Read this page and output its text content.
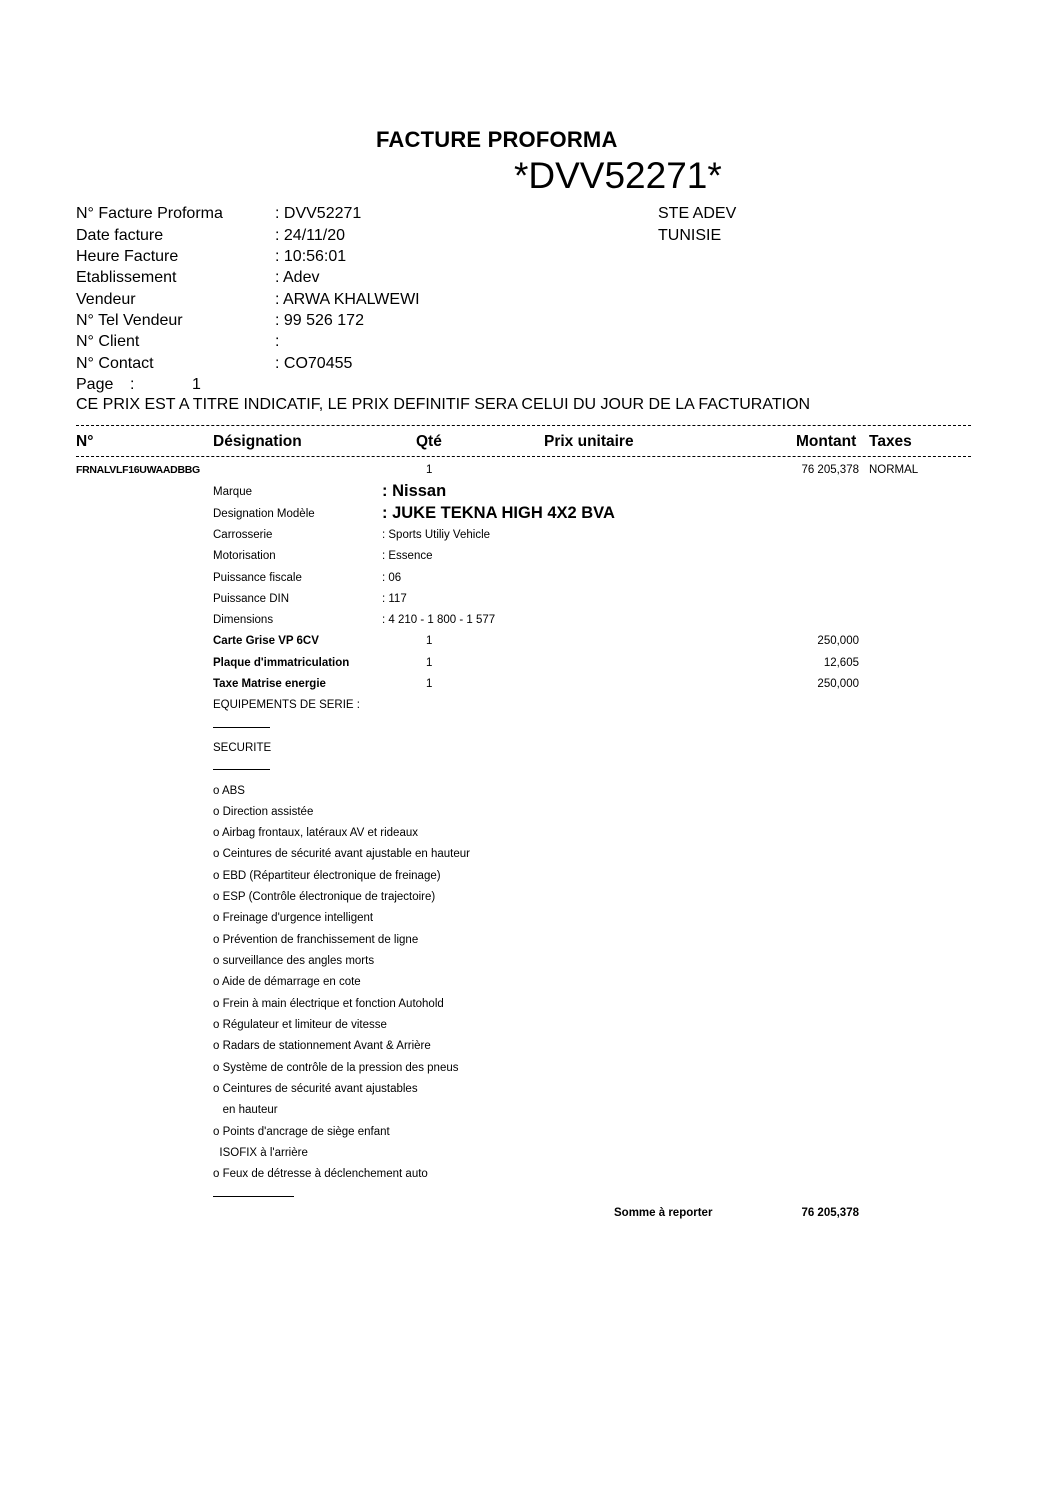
FACTURE PROFORMA
*DVV52271*
N° Facture Proforma	: DVV52271
Date facture	: 24/11/20
Heure Facture	: 10:56:01
Etablissement	: Adev
Vendeur	: ARWA KHALWEWI
N° Tel Vendeur	: 99 526 172
N° Client	:
N° Contact	: CO70455
Page :	1
STE ADEV
TUNISIE
CE PRIX EST A TITRE INDICATIF, LE PRIX DEFINITIF SERA CELUI DU JOUR DE LA FACTURATION
N°	Désignation	Qté	Prix unitaire	Montant Taxes
FRNALVLF16UWAADBBG	1	76 205,378 NORMAL
Marque	: Nissan
Designation Modèle	: JUKE TEKNA HIGH 4X2 BVA
Carrosserie	: Sports Utiliy Vehicle
Motorisation	: Essence
Puissance fiscale	: 06
Puissance DIN	: 117
Dimensions	: 4 210 - 1 800 - 1 577
Carte Grise VP 6CV	1	250,000
Plaque d'immatriculation	1	12,605
Taxe Matrise energie	1	250,000
EQUIPEMENTS DE SERIE :
SECURITE
o ABS
o Direction assistée
o Airbag frontaux, latéraux AV et rideaux
o Ceintures de sécurité avant ajustable en hauteur
o EBD (Répartiteur électronique de freinage)
o ESP (Contrôle électronique de trajectoire)
o Freinage d'urgence intelligent
o Prévention de franchissement de ligne
o surveillance des angles morts
o Aide de démarrage en cote
o Frein à main électrique et fonction Autohold
o Régulateur et limiteur de vitesse
o Radars de stationnement Avant & Arrière
o Système de contrôle de la pression des pneus
o Ceintures de sécurité avant ajustables
en hauteur
o Points d'ancrage de siège enfant
ISOFIX à l'arrière
o Feux de détresse à déclenchement auto
Somme à reporter	76 205,378
